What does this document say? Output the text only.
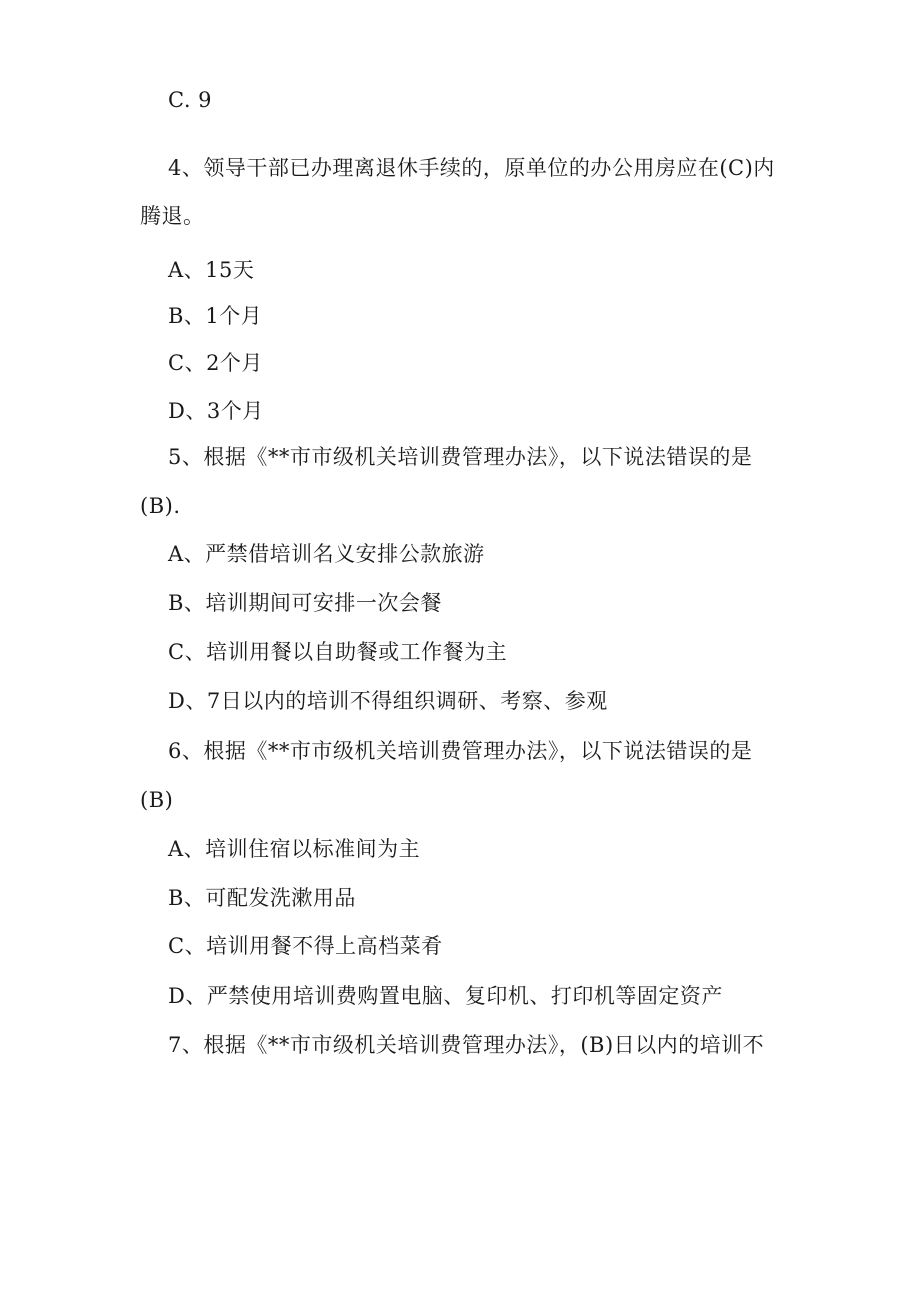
C. 9
4、领导干部已办理离退休手续的，原单位的办公用房应在(C)内
腾退。
A、15天
B、1个月
C、2个月
D、3个月
5、根据《**市市级机关培训费管理办法》，以下说法错误的是
(B).
A、严禁借培训名义安排公款旅游
B、培训期间可安排一次会餐
C、培训用餐以自助餐或工作餐为主
D、7日以内的培训不得组织调研、考察、参观
6、根据《**市市级机关培训费管理办法》，以下说法错误的是
(B)
A、培训住宿以标准间为主
B、可配发洗漱用品
C、培训用餐不得上高档菜肴
D、严禁使用培训费购置电脑、复印机、打印机等固定资产
7、根据《**市市级机关培训费管理办法》，(B)日以内的培训不
